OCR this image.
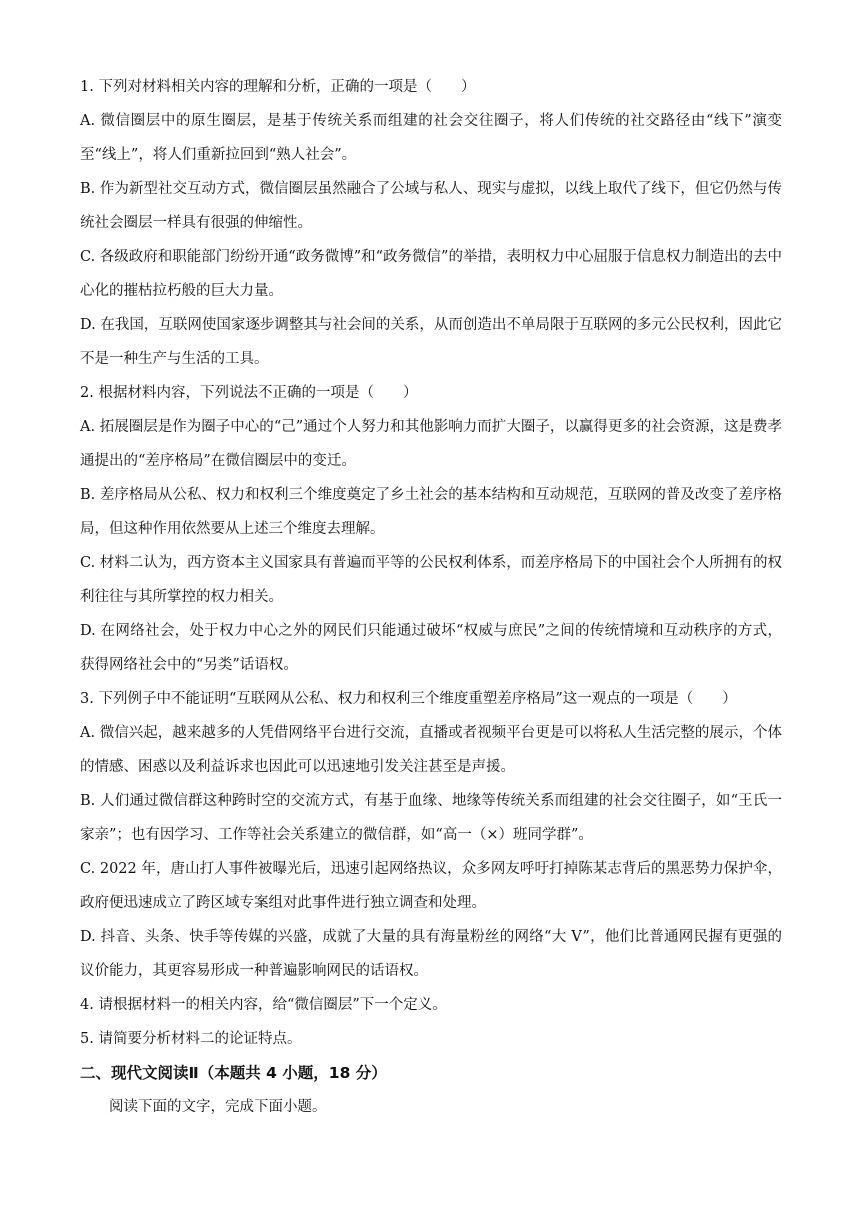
1. 下列对材料相关内容的理解和分析，正确的一项是（　　）

A. 微信圈层中的原生圈层，是基于传统关系而组建的社会交往圈子，将人们传统的社交路径由“线下”演变至“线上”，将人们重新拉回到“熟人社会”。

B. 作为新型社交互动方式，微信圈层虽然融合了公域与私人、现实与虚拟，以线上取代了线下，但它仍然与传统社会圈层一样具有很强的伸缩性。

C. 各级政府和职能部门纷纷开通“政务微博”和“政务微信”的举措，表明权力中心屈服于信息权力制造出的去中心化的摧枯拉朽般的巨大力量。

D. 在我国，互联网使国家逐步调整其与社会间的关系，从而创造出不单局限于互联网的多元公民权利，因此它不是一种生产与生活的工具。

2. 根据材料内容，下列说法不正确的一项是（　　）

A. 拓展圈层是作为圈子中心的“己”通过个人努力和其他影响力而扩大圈子，以赢得更多的社会资源，这是费孝通提出的“差序格局”在微信圈层中的变迁。

B. 差序格局从公私、权力和权利三个维度奠定了乡土社会的基本结构和互动规范，互联网的普及改变了差序格局，但这种作用依然要从上述三个维度去理解。

C. 材料二认为，西方资本主义国家具有普遍而平等的公民权利体系，而差序格局下的中国社会个人所拥有的权利往往与其所掌控的权力相关。

D. 在网络社会，处于权力中心之外的网民们只能通过破坏“权威与庶民”之间的传统情境和互动秩序的方式，获得网络社会中的“另类”话语权。

3. 下列例子中不能证明“互联网从公私、权力和权利三个维度重塑差序格局”这一观点的一项是（　　）

A. 微信兴起，越来越多的人凭借网络平台进行交流，直播或者视频平台更是可以将私人生活完整的展示，个体的情感、困惑以及利益诉求也因此可以迅速地引发关注甚至是声援。

B. 人们通过微信群这种跨时空的交流方式，有基于血缘、地缘等传统关系而组建的社会交往圈子，如“王氏一家亲”；也有因学习、工作等社会关系建立的微信群，如“高一（×）班同学群”。

C. 2022 年，唐山打人事件被曝光后，迅速引起网络热议，众多网友呼吁打掉陈某志背后的黑恶势力保护伞，政府便迅速成立了跨区域专案组对此事件进行独立调查和处理。

D. 抖音、头条、快手等传媒的兴盛，成就了大量的具有海量粉丝的网络“大 V”，他们比普通网民握有更强的议价能力，其更容易形成一种普遍影响网民的话语权。

4. 请根据材料一的相关内容，给“微信圈层”下一个定义。

5. 请简要分析材料二的论证特点。

二、现代文阅读Ⅱ（本题共 4 小题，18 分）

阅读下面的文字，完成下面小题。
